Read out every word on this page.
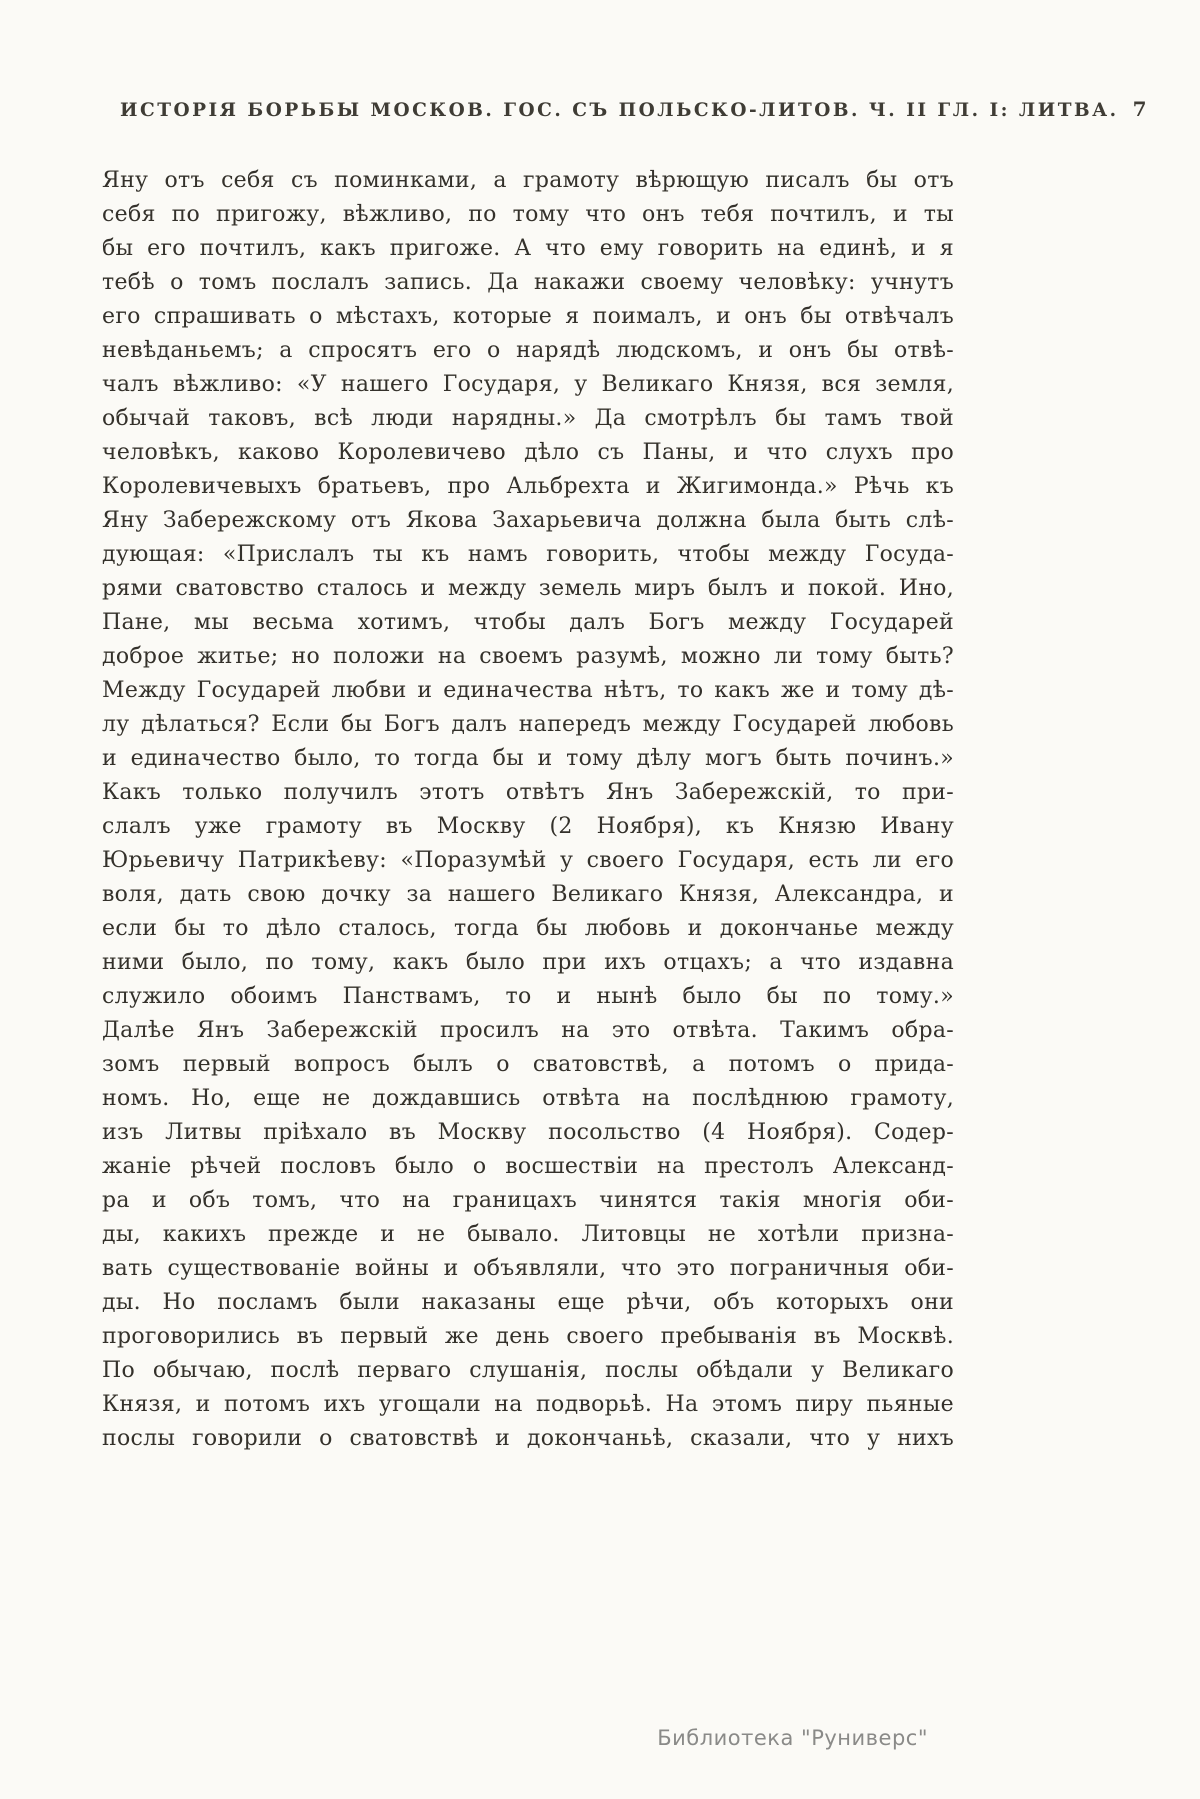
ИСТОРІЯ БОРЬБЫ МОСКОВ. ГОС. СЪ ПОЛЬСКО-ЛИТОВ. Ч. II ГЛ. I: ЛИТВА. 7
Яну отъ себя съ поминками, а грамоту вѣрющую писалъ бы отъ
себя по пригожу, вѣжливо, по тому что онъ тебя почтилъ, и ты
бы его почтилъ, какъ пригоже. А что ему говорить на единѣ, и я
тебѣ о томъ послалъ запись. Да накажи своему человѣку: учнутъ
его спрашивать о мѣстахъ, которые я поималъ, и онъ бы отвѣчалъ
невѣданьемъ; а спросятъ его о нарядѣ людскомъ, и онъ бы отвѣ-
чалъ вѣжливо: «У нашего Государя, у Великаго Князя, вся земля,
обычай таковъ, всѣ люди нарядны.» Да смотрѣлъ бы тамъ твой
человѣкъ, каково Королевичево дѣло съ Паны, и что слухъ про
Королевичевыхъ братьевъ, про Альбрехта и Жигимонда.» Рѣчь къ
Яну Забережскому отъ Якова Захарьевича должна была быть слѣ-
дующая: «Прислалъ ты къ намъ говорить, чтобы между Госуда-
рями сватовство сталось и между земель миръ былъ и покой. Ино,
Пане, мы весьма хотимъ, чтобы далъ Богъ между Государей
доброе житье; но положи на своемъ разумѣ, можно ли тому быть?
Между Государей любви и единачества нѣтъ, то какъ же и тому дѣ-
лу дѣлаться? Если бы Богъ далъ напередъ между Государей любовь
и единачество было, то тогда бы и тому дѣлу могъ быть починъ.»
Какъ только получилъ этотъ отвѣтъ Янъ Забережскій, то при-
слалъ уже грамоту въ Москву (2 Ноября), къ Князю Ивану
Юрьевичу Патрикѣеву: «Поразумѣй у своего Государя, есть ли его
воля, дать свою дочку за нашего Великаго Князя, Александра, и
если бы то дѣло сталось, тогда бы любовь и докончанье между
ними было, по тому, какъ было при ихъ отцахъ; а что издавна
служило обоимъ Панствамъ, то и нынѣ было бы по тому.»
Далѣе Янъ Забережскій просилъ на это отвѣта. Такимъ обра-
зомъ первый вопросъ былъ о сватовствѣ, а потомъ о прида-
номъ. Но, еще не дождавшись отвѣта на послѣднюю грамоту,
изъ Литвы пріѣхало въ Москву посольство (4 Ноября). Содер-
жаніе рѣчей пословъ было о восшествіи на престолъ Александ-
ра и объ томъ, что на границахъ чинятся такія многія оби-
ды, какихъ прежде и не бывало. Литовцы не хотѣли призна-
вать существованіе войны и объявляли, что это пограничныя оби-
ды. Но посламъ были наказаны еще рѣчи, объ которыхъ они
проговорились въ первый же день своего пребыванія въ Москвѣ.
По обычаю, послѣ перваго слушанія, послы обѣдали у Великаго
Князя, и потомъ ихъ угощали на подворьѣ. На этомъ пиру пьяные
послы говорили о сватовствѣ и докончаньѣ, сказали, что у нихъ
Библиотека "Руниверс"
